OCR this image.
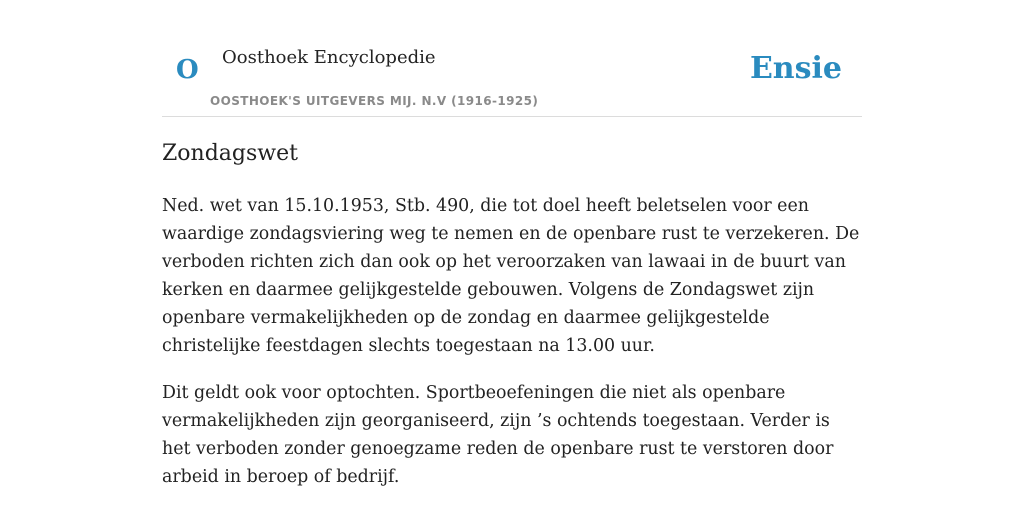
O Oosthoek Encyclopedie
OOSTHOEK'S UITGEVERS MIJ. N.V (1916-1925)
Ensie
Zondagswet

Ned. wet van 15.10.1953, Stb. 490, die tot doel heeft beletselen voor een waardige zondagsviering weg te nemen en de openbare rust te verzekeren. De verboden richten zich dan ook op het veroorzaken van lawaai in de buurt van kerken en daarmee gelijkgestelde gebouwen. Volgens de Zondagswet zijn openbare vermakelijkheden op de zondag en daarmee gelijkgestelde christelijke feestdagen slechts toegestaan na 13.00 uur.

Dit geldt ook voor optochten. Sportbeoefeningen die niet als openbare vermakelijkheden zijn georganiseerd, zijn ’s ochtends toegestaan. Verder is het verboden zonder genoegzame reden de openbare rust te verstoren door arbeid in beroep of bedrijf.
